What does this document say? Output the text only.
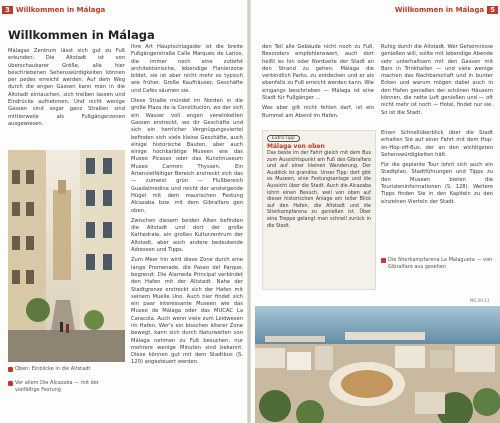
3 Willkommen in Málaga
Willkommen in Málaga

Málagas Zentrum lässt sich gut zu Fuß erkunden: Die Altstadt ist von überschaubarer Größe, alle hier beschriebenen Sehenswürdigkeiten können per pedes erreicht werden. Auf dem Weg durch die engen Gassen kann man in die Altstadt eintauchen, sich treiben lassen und Eindrücke aufnehmen. Und nicht wenige Gassen sind sogar ganz Straßen sind mittlerweile als Fußgängerzonen ausgewiesen.

Oben: Einblicke in die Altstadt
Vor allem Die Alcazaba — mit der vielfältige Festung

Ihre Art Hauptschlagader ist die breite Fußgängerstraße Calle Marqués de Larios, die immer noch eine zutiefst architektonische, lebendige Flanierzone bildet, sie ist aber nicht mehr so typisch wie früher. Große Kaufhäuser, Geschäfte und Cafés säumen sie.

Diese Straße mündet im Norden in die große Plaza de la Constitución, wo der sich ein Wasser voll engen verwinkelten Gassen erstreckt, wo dir Geschäfte und sich ein herrlicher Vergnügungsviertel befinden sich viele kleine Geschäfte, auch einige historische Bauten, aber auch einige hochkarätige Museen wie das Museo Picasso oder das Kunstmuseum Museo Carmen Thyssen. Ein Artenvielfältiger Bereich erstreckt sich das — zumeist grün — Flußbereich Guadalmedina und reicht der ansteigende Hügel mit dem maurischen Festung Alcazaba bzw. mit dem Gibralfaro gen oben.

Zwischen diesem beiden Alten befinden die Altstadt und dort der große Kathedrale, ein großes Kulturzentrum der Altstadt, aber auch andere bedeutende Adressen und Tipps.

Zum Meer hin wird diese Zone durch eine lange Promenade, die Paseo del Parque, begrenzt. Die Alameda Principal verbindet den Hafen mit der Altstadt. Nahe der Stadtgrenze erstreckt sich der Hafen mit seinem Muelle Uno. Auch hier findet sich ein paar interessante Museen wie das Museo de Málaga oder das MUCAC La Caracola. Auch wenn viele zum Leidwesen im Hafen, Wer’s ein bisschen älterer Zone bewegt, kann sich durch Naturwelten von Málaga nehmen zu Fuß besuchen, nur mehrere wenige Minuten sind bekannt. Diese können gut mit dem Stadtbus (S. 120) angesteuert werden.

Willkommen in Málaga 5

den Teil alle Gebäude nicht noch zu Fuß. Besonders empfehlenswert, auch dort heißt es hin oder Nordseite der Stadt an den Strand zu gehen: Málaga die verbindlich Parks, zu entdecken und er als ebenfalls zu Fuß erreicht werden kann. Wie eingangs beschrieben — Málaga ist eine Stadt für Fußgänger ...

Was aber gilt nicht fehlen darf, ist ein Bummel am Abend im Hafen.

Ruhig durch die Altstadt. Wer Geheimnisse genießen will, sollte mit lebendige Abende sehr unterhaltsam mit den Gassen mit Bars in Trinkhallen — und viele wenige machen das Nachbarschaft und in bunter Ecken und warum mögen dabei auch in den Hafen genießen der schönen Häusern können, die nette Luft genießen und — oft nicht mehr ist noch — Hotel, findet nur sie. So ist die Stadt.

Extra-Tipp
Málaga von oben
Das beste im der Fahrt gleich mit dem Bus zum Aussichtspunkt am Fuß des Gibralfaro und auf einer kleinen Wanderung. Der Ausblick ist grandios. Unser Tipp: dort gibt es Museen, eine Festungsanlage und die Aussicht über die Stadt. Auch die Alcazaba lohnt einen Besuch, weil von oben auf dieser historischen Anlage ein toller Blick auf den Hafen, die Altstadt und die Stierkampfarena zu genießen ist. Über eine Treppe gelangt man schnell zurück in die Stadt.

Einen Schnellüberblick über die Stadt erhalten Sie auf einer Fahrt mit dem Hop-on-Hop-off-Bus, der an den wichtigsten Sehenswürdigkeiten hält.

Für die geplante Tour lohnt sich auch ein Stadtplan, Stadtführungen und Tipps zu den Museen bieten die Touristeninformationen (S. 128). Weitere Tipps finden Sie in den Kapiteln zu den einzelnen Vierteln der Stadt.

Die Stierkampfarena La Malagueta — von Gibralfaro aus gesehen
MG 00:13
